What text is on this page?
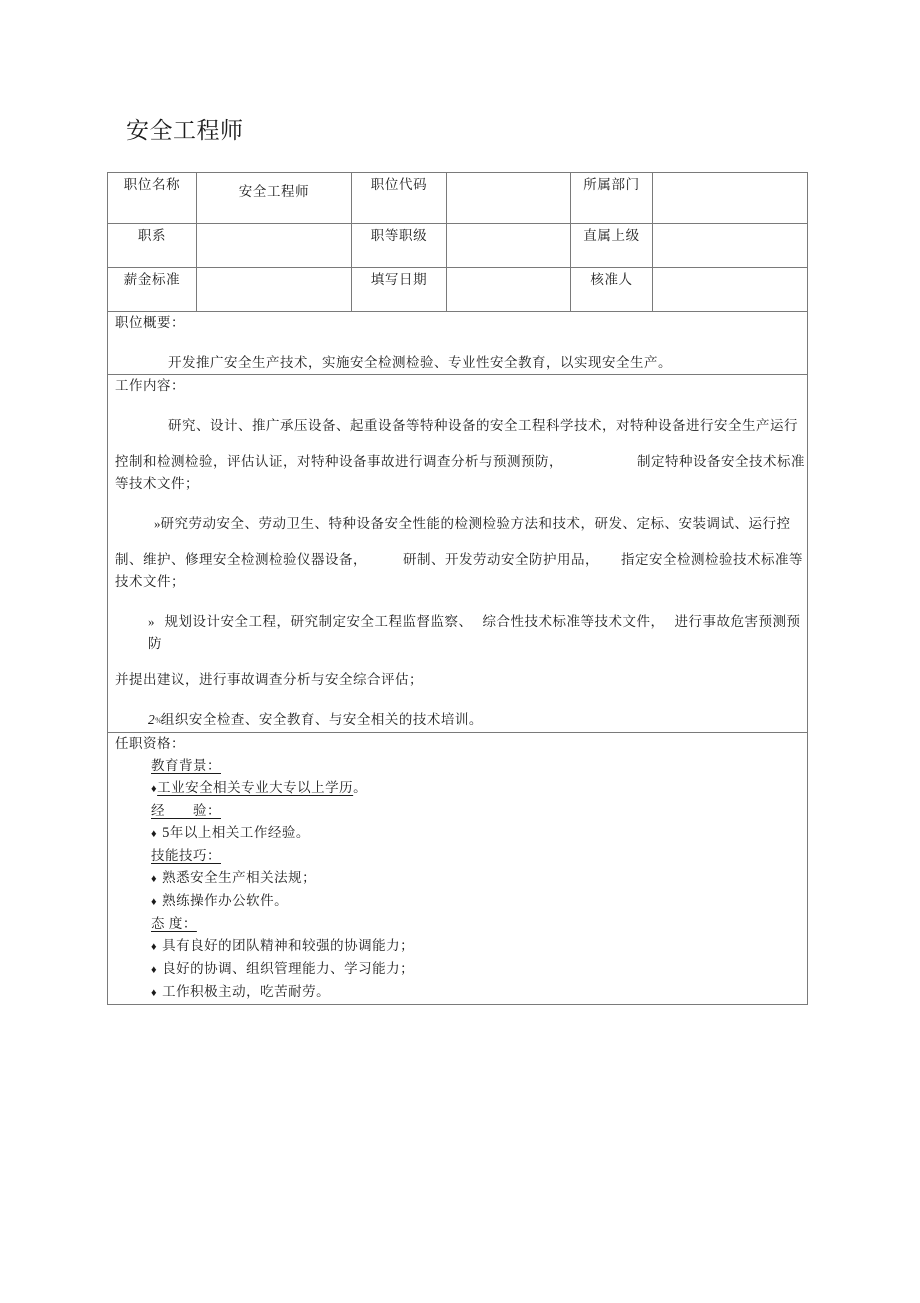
安全工程师
职位名称	安全工程师	职位代码		所属部门	
职系		职等职级		直属上级	
薪金标准		填写日期		核准人	

职位概要：
开发推广安全生产技术，实施安全检测检验、专业性安全教育，以实现安全生产。					

工作内容：
研究、设计、推广承压设备、起重设备等特种设备的安全工程科学技术，对特种设备进行安全生产运行
控制和检测检验，评估认证，对特种设备事故进行调查分析与预测预防，	制定特种设备安全技术标准等技术文件；
»研究劳动安全、劳动卫生、特种设备安全性能的检测检验方法和技术，研发、定标、安装调试、运行控
制、维护、修理安全检测检验仪器设备，	研制、开发劳动安全防护用品， 指定安全检测检验技术标准等技术文件；
» 规划设计安全工程，研究制定安全工程监督监察、 综合性技术标准等技术文件， 进行事故危害预测预防
并提出建议，进行事故调查分析与安全综合评估；
2%组织安全检查、安全教育、与安全相关的技术培训。

任职资格：
教育背景：
♦工业安全相关专业大专以上学历。
经　　验：
♦ 5年以上相关工作经验。
技能技巧：
♦ 熟悉安全生产相关法规；
♦ 熟练操作办公软件。
态 度：
♦ 具有良好的团队精神和较强的协调能力；
♦ 良好的协调、组织管理能力、学习能力；
♦ 工作积极主动，吃苦耐劳。
